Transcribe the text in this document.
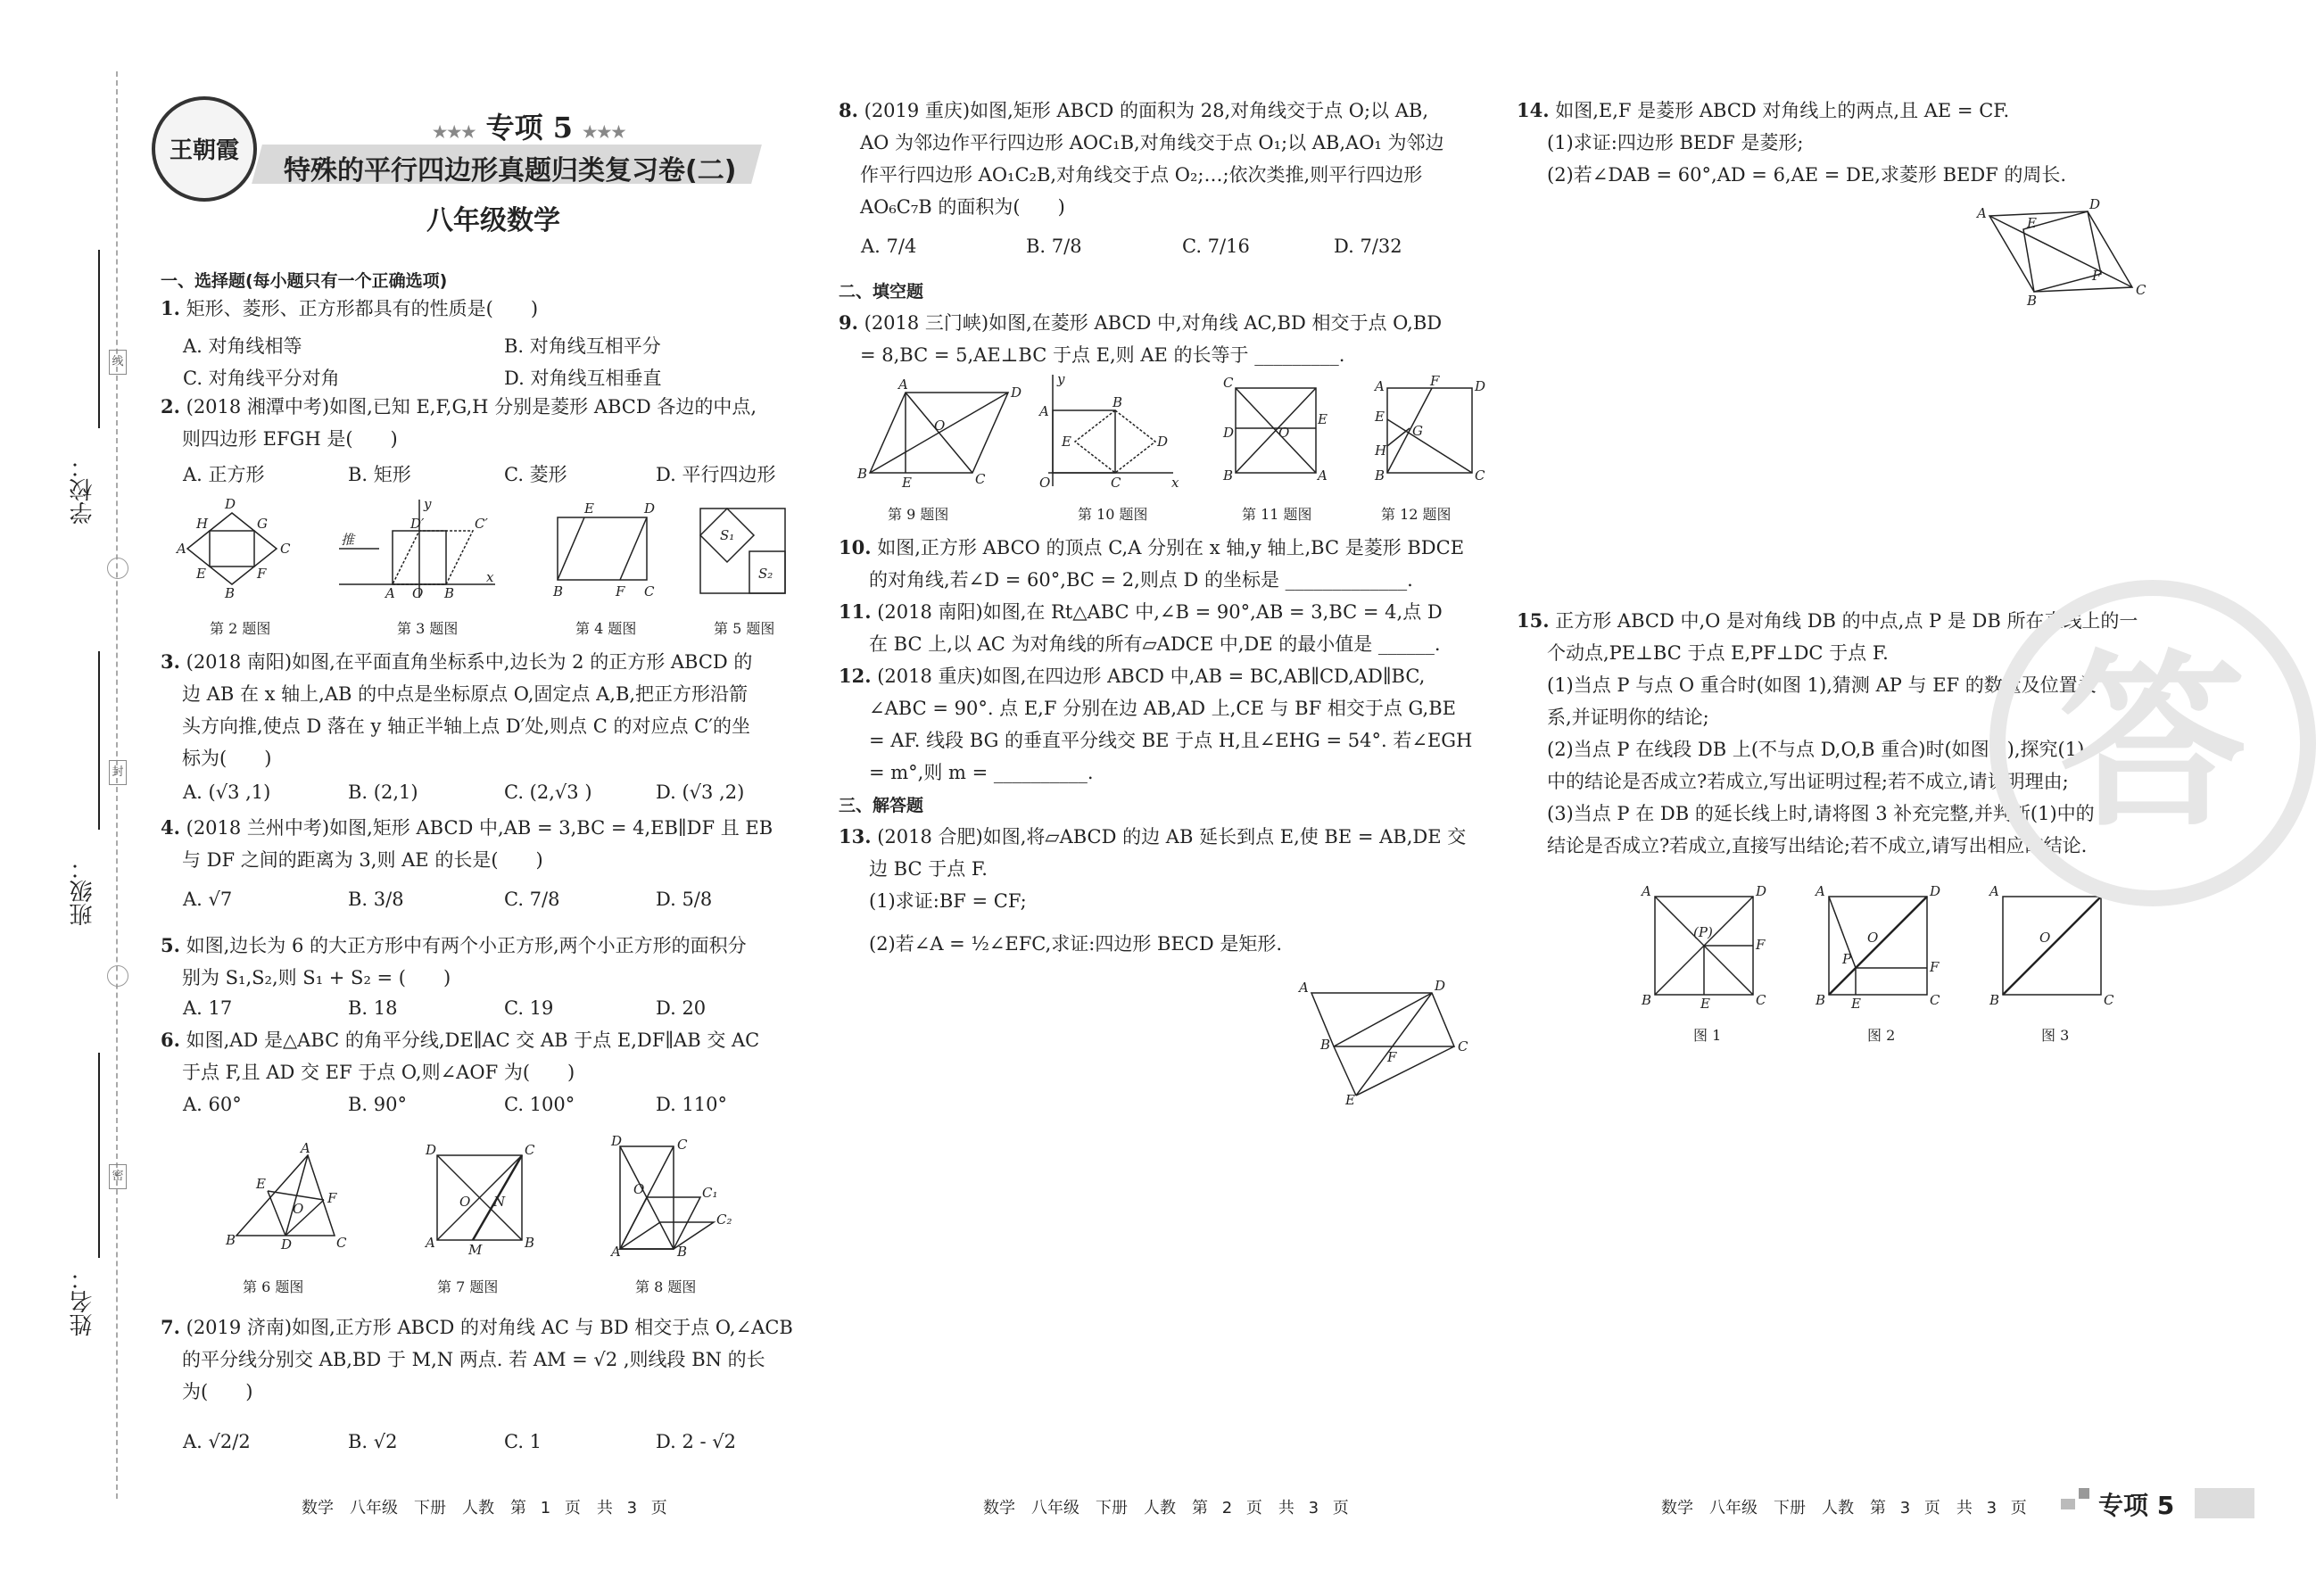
学校：
线
班级：
封
姓名：
密
王朝霞
★★★ 专项 5 ★★★
特殊的平行四边形真题归类复习卷(二)
八年级数学
一、选择题(每小题只有一个正确选项)

1. 矩形、菱形、正方形都具有的性质是(　　)

A. 对角线相等	B. 对角线互相平分
C. 对角线平分对角	D. 对角线互相垂直

2. (2018 湘潭中考)如图,已知 E,F,G,H 分别是菱形 ABCD 各边的中点,

则四边形 EFGH 是(　　)

A. 正方形	B. 矩形	C. 菱形	D. 平行四边形
A
D
C
B
H	G
E	F
推
D′	C′
A O B
x
y	E	D
B	F C
S₁
S₂
第 2 题图	第 3 题图	第 4 题图	第 5 题图

3. (2018 南阳)如图,在平面直角坐标系中,边长为 2 的正方形 ABCD 的

边 AB 在 x 轴上,AB 的中点是坐标原点 O,固定点 A,B,把正方形沿箭

头方向推,使点 D 落在 y 轴正半轴上点 D′处,则点 C 的对应点 C′的坐

标为(　　)

A. (√3 ,1)	B. (2,1)	C. (2,√3 )	D. (√3 ,2)

4. (2018 兰州中考)如图,矩形 ABCD 中,AB = 3,BC = 4,EB∥DF 且 EB

与 DF 之间的距离为 3,则 AE 的长是(　　)

A. √7	B. 3/8	C. 7/8	D. 5/8

5. 如图,边长为 6 的大正方形中有两个小正方形,两个小正方形的面积分

别为 S₁,S₂,则 S₁ + S₂ = (　　)

A. 17	B. 18	C. 19	D. 20

6. 如图,AD 是△ABC 的角平分线,DE∥AC 交 AB 于点 E,DF∥AB 交 AC

于点 F,且 AD 交 EF 于点 O,则∠AOF 为(　　)

A. 60°	B. 90°	C. 100°	D. 110°
A
B	C
D
E
F
O
D	C
A	B
M
O N
D	C
A	B
O	C₁
C₂
第 6 题图	第 7 题图	第 8 题图

7. (2019 济南)如图,正方形 ABCD 的对角线 AC 与 BD 相交于点 O,∠ACB

的平分线分别交 AB,BD 于 M,N 两点. 若 AM = √2 ,则线段 BN 的长

为(　　)

A. √2/2	B. √2	C. 1	D. 2 - √2

8. (2019 重庆)如图,矩形 ABCD 的面积为 28,对角线交于点 O;以 AB,

AO 为邻边作平行四边形 AOC₁B,对角线交于点 O₁;以 AB,AO₁ 为邻边

作平行四边形 AO₁C₂B,对角线交于点 O₂;…;依次类推,则平行四边形

AO₆C₇B 的面积为(　　)

A. 7/4	B. 7/8	C. 7/16	D. 7/32
二、填空题

9. (2018 三门峡)如图,在菱形 ABCD 中,对角线 AC,BD 相交于点 O,BD

= 8,BC = 5,AE⊥BC 于点 E,则 AE 的长等于 _________.

A	D
B	C
E
O
A
B
D
C
O
E
y
x
C
E
D
B	A
O
A	F	D
E
H
G
B	C
第 9 题图	第 10 题图	第 11 题图	第 12 题图

10. 如图,正方形 ABCO 的顶点 C,A 分别在 x 轴,y 轴上,BC 是菱形 BDCE

的对角线,若∠D = 60°,BC = 2,则点 D 的坐标是 _____________.

11. (2018 南阳)如图,在 Rt△ABC 中,∠B = 90°,AB = 3,BC = 4,点 D

在 BC 上,以 AC 为对角线的所有▱ADCE 中,DE 的最小值是 ______.

12. (2018 重庆)如图,在四边形 ABCD 中,AB = BC,AB∥CD,AD∥BC,

∠ABC = 90°. 点 E,F 分别在边 AB,AD 上,CE 与 BF 相交于点 G,BE

= AF. 线段 BG 的垂直平分线交 BE 于点 H,且∠EHG = 54°. 若∠EGH

= m°,则 m = __________.

三、解答题

13. (2018 合肥)如图,将▱ABCD 的边 AB 延长到点 E,使 BE = AB,DE 交

边 BC 于点 F.

(1)求证:BF = CF;

(2)若∠A = ½∠EFC,求证:四边形 BECD 是矩形.

A	D
C
B
F
E

14. 如图,E,F 是菱形 ABCD 对角线上的两点,且 AE = CF.

(1)求证:四边形 BEDF 是菱形;

(2)若∠DAB = 60°,AD = 6,AE = DE,求菱形 BEDF 的周长.

A
D
C
B
E
F

15. 正方形 ABCD 中,O 是对角线 DB 的中点,点 P 是 DB 所在直线上的一

个动点,PE⊥BC 于点 E,PF⊥DC 于点 F.

(1)当点 P 与点 O 重合时(如图 1),猜测 AP 与 EF 的数量及位置关

系,并证明你的结论;

(2)当点 P 在线段 DB 上(不与点 D,O,B 重合)时(如图 2),探究(1)

中的结论是否成立?若成立,写出证明过程;若不成立,请说明理由;

(3)当点 P 在 DB 的延长线上时,请将图 3 补充完整,并判断(1)中的

结论是否成立?若成立,直接写出结论;若不成立,请写出相应的结论.

A	D
B	C
E
F
(P)
A	D
B	C
E
F
P
O
A	D
B	C
O
图 1	图 2	图 3
答
数学　八年级　下册　人教　第 1 页　共 3 页	数学　八年级　下册　人教　第 2 页　共 3 页	数学　八年级　下册　人教　第 3 页　共 3 页	专项 5
